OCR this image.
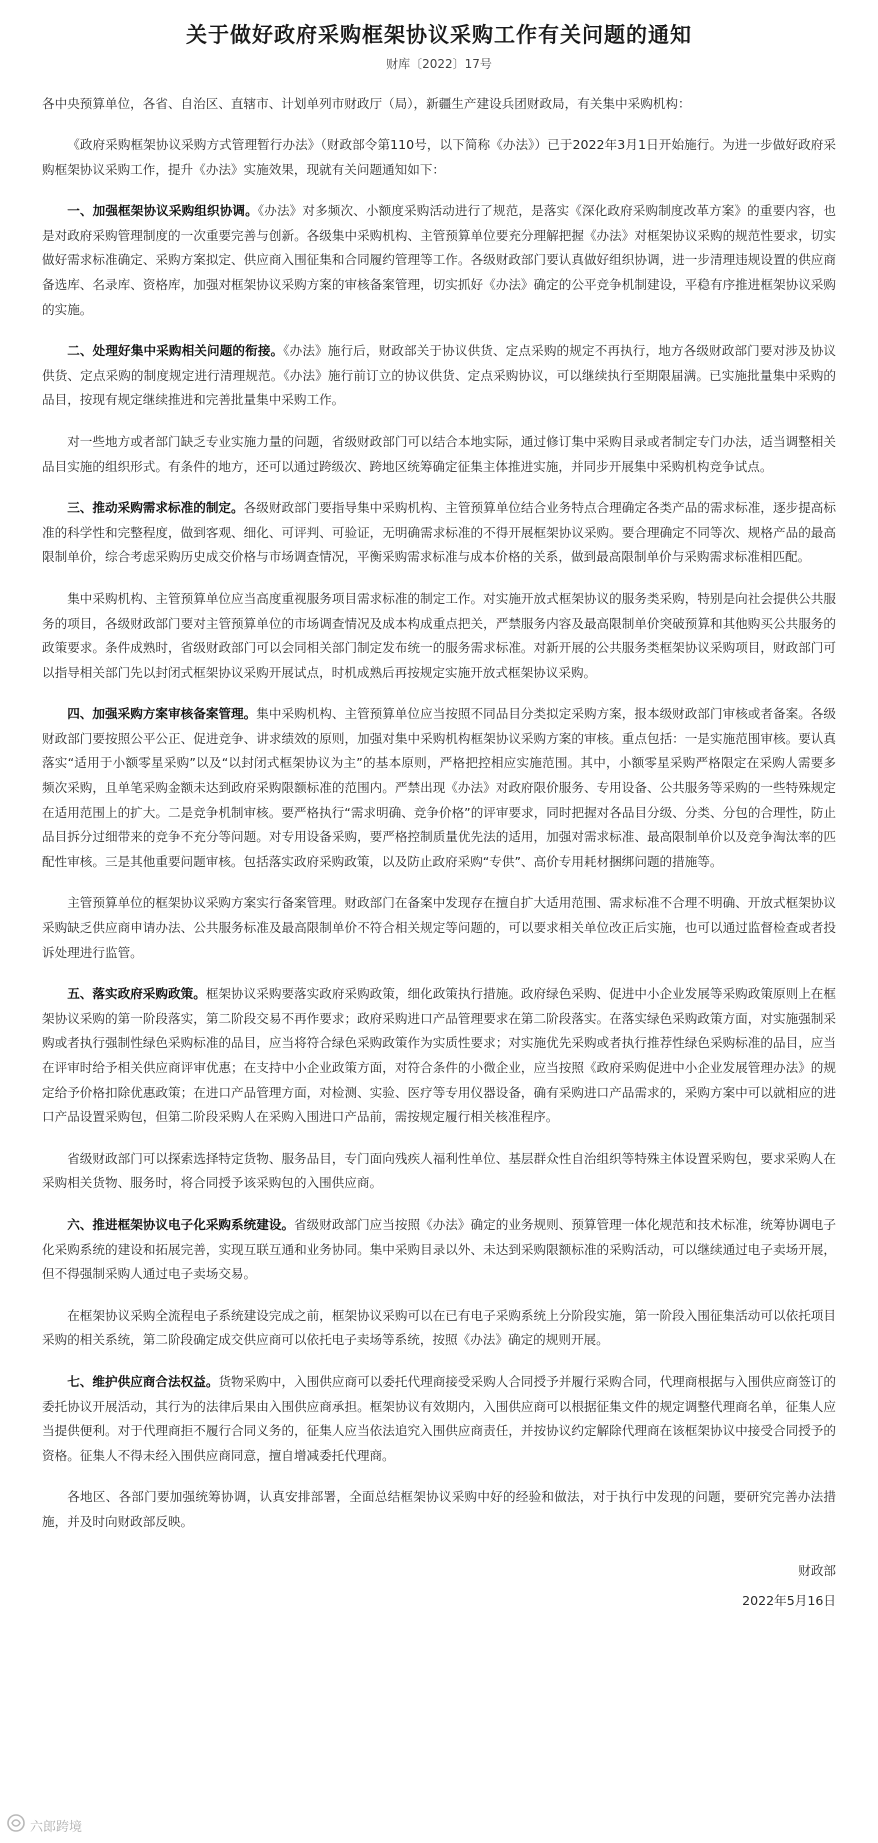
关于做好政府采购框架协议采购工作有关问题的通知
财库〔2022〕17号
各中央预算单位，各省、自治区、直辖市、计划单列市财政厅（局），新疆生产建设兵团财政局，有关集中采购机构：

《政府采购框架协议采购方式管理暂行办法》（财政部令第110号，以下简称《办法》）已于2022年3月1日开始施行。为进一步做好政府采购框架协议采购工作，提升《办法》实施效果，现就有关问题通知如下：

一、加强框架协议采购组织协调。《办法》对多频次、小额度采购活动进行了规范，是落实《深化政府采购制度改革方案》的重要内容，也是对政府采购管理制度的一次重要完善与创新。各级集中采购机构、主管预算单位要充分理解把握《办法》对框架协议采购的规范性要求，切实做好需求标准确定、采购方案拟定、供应商入围征集和合同履约管理等工作。各级财政部门要认真做好组织协调，进一步清理违规设置的供应商备选库、名录库、资格库，加强对框架协议采购方案的审核备案管理，切实抓好《办法》确定的公平竞争机制建设，平稳有序推进框架协议采购的实施。

二、处理好集中采购相关问题的衔接。《办法》施行后，财政部关于协议供货、定点采购的规定不再执行，地方各级财政部门要对涉及协议供货、定点采购的制度规定进行清理规范。《办法》施行前订立的协议供货、定点采购协议，可以继续执行至期限届满。已实施批量集中采购的品目，按现有规定继续推进和完善批量集中采购工作。

对一些地方或者部门缺乏专业实施力量的问题，省级财政部门可以结合本地实际，通过修订集中采购目录或者制定专门办法，适当调整相关品目实施的组织形式。有条件的地方，还可以通过跨级次、跨地区统筹确定征集主体推进实施，并同步开展集中采购机构竞争试点。

三、推动采购需求标准的制定。各级财政部门要指导集中采购机构、主管预算单位结合业务特点合理确定各类产品的需求标准，逐步提高标准的科学性和完整程度，做到客观、细化、可评判、可验证，无明确需求标准的不得开展框架协议采购。要合理确定不同等次、规格产品的最高限制单价，综合考虑采购历史成交价格与市场调查情况，平衡采购需求标准与成本价格的关系，做到最高限制单价与采购需求标准相匹配。

集中采购机构、主管预算单位应当高度重视服务项目需求标准的制定工作。对实施开放式框架协议的服务类采购，特别是向社会提供公共服务的项目，各级财政部门要对主管预算单位的市场调查情况及成本构成重点把关，严禁服务内容及最高限制单价突破预算和其他购买公共服务的政策要求。条件成熟时，省级财政部门可以会同相关部门制定发布统一的服务需求标准。对新开展的公共服务类框架协议采购项目，财政部门可以指导相关部门先以封闭式框架协议采购开展试点，时机成熟后再按规定实施开放式框架协议采购。

四、加强采购方案审核备案管理。集中采购机构、主管预算单位应当按照不同品目分类拟定采购方案，报本级财政部门审核或者备案。各级财政部门要按照公平公正、促进竞争、讲求绩效的原则，加强对集中采购机构框架协议采购方案的审核。重点包括：一是实施范围审核。要认真落实“适用于小额零星采购”以及“以封闭式框架协议为主”的基本原则，严格把控相应实施范围。其中，小额零星采购严格限定在采购人需要多频次采购，且单笔采购金额未达到政府采购限额标准的范围内。严禁出现《办法》对政府限价服务、专用设备、公共服务等采购的一些特殊规定在适用范围上的扩大。二是竞争机制审核。要严格执行“需求明确、竞争价格”的评审要求，同时把握对各品目分级、分类、分包的合理性，防止品目拆分过细带来的竞争不充分等问题。对专用设备采购，要严格控制质量优先法的适用，加强对需求标准、最高限制单价以及竞争淘汰率的匹配性审核。三是其他重要问题审核。包括落实政府采购政策，以及防止政府采购“专供”、高价专用耗材捆绑问题的措施等。

主管预算单位的框架协议采购方案实行备案管理。财政部门在备案中发现存在擅自扩大适用范围、需求标准不合理不明确、开放式框架协议采购缺乏供应商申请办法、公共服务标准及最高限制单价不符合相关规定等问题的，可以要求相关单位改正后实施，也可以通过监督检查或者投诉处理进行监管。

五、落实政府采购政策。框架协议采购要落实政府采购政策，细化政策执行措施。政府绿色采购、促进中小企业发展等采购政策原则上在框架协议采购的第一阶段落实，第二阶段交易不再作要求；政府采购进口产品管理要求在第二阶段落实。在落实绿色采购政策方面，对实施强制采购或者执行强制性绿色采购标准的品目，应当将符合绿色采购政策作为实质性要求；对实施优先采购或者执行推荐性绿色采购标准的品目，应当在评审时给予相关供应商评审优惠；在支持中小企业政策方面，对符合条件的小微企业，应当按照《政府采购促进中小企业发展管理办法》的规定给予价格扣除优惠政策；在进口产品管理方面，对检测、实验、医疗等专用仪器设备，确有采购进口产品需求的，采购方案中可以就相应的进口产品设置采购包，但第二阶段采购人在采购入围进口产品前，需按规定履行相关核准程序。

省级财政部门可以探索选择特定货物、服务品目，专门面向残疾人福利性单位、基层群众性自治组织等特殊主体设置采购包，要求采购人在采购相关货物、服务时，将合同授予该采购包的入围供应商。

六、推进框架协议电子化采购系统建设。省级财政部门应当按照《办法》确定的业务规则、预算管理一体化规范和技术标准，统筹协调电子化采购系统的建设和拓展完善，实现互联互通和业务协同。集中采购目录以外、未达到采购限额标准的采购活动，可以继续通过电子卖场开展，但不得强制采购人通过电子卖场交易。

在框架协议采购全流程电子系统建设完成之前，框架协议采购可以在已有电子采购系统上分阶段实施，第一阶段入围征集活动可以依托项目采购的相关系统，第二阶段确定成交供应商可以依托电子卖场等系统，按照《办法》确定的规则开展。

七、维护供应商合法权益。货物采购中，入围供应商可以委托代理商接受采购人合同授予并履行采购合同，代理商根据与入围供应商签订的委托协议开展活动，其行为的法律后果由入围供应商承担。框架协议有效期内，入围供应商可以根据征集文件的规定调整代理商名单，征集人应当提供便利。对于代理商拒不履行合同义务的，征集人应当依法追究入围供应商责任，并按协议约定解除代理商在该框架协议中接受合同授予的资格。征集人不得未经入围供应商同意，擅自增减委托代理商。

各地区、各部门要加强统筹协调，认真安排部署，全面总结框架协议采购中好的经验和做法，对于执行中发现的问题，要研究完善办法措施，并及时向财政部反映。

财政部
2022年5月16日
六郎跨境
